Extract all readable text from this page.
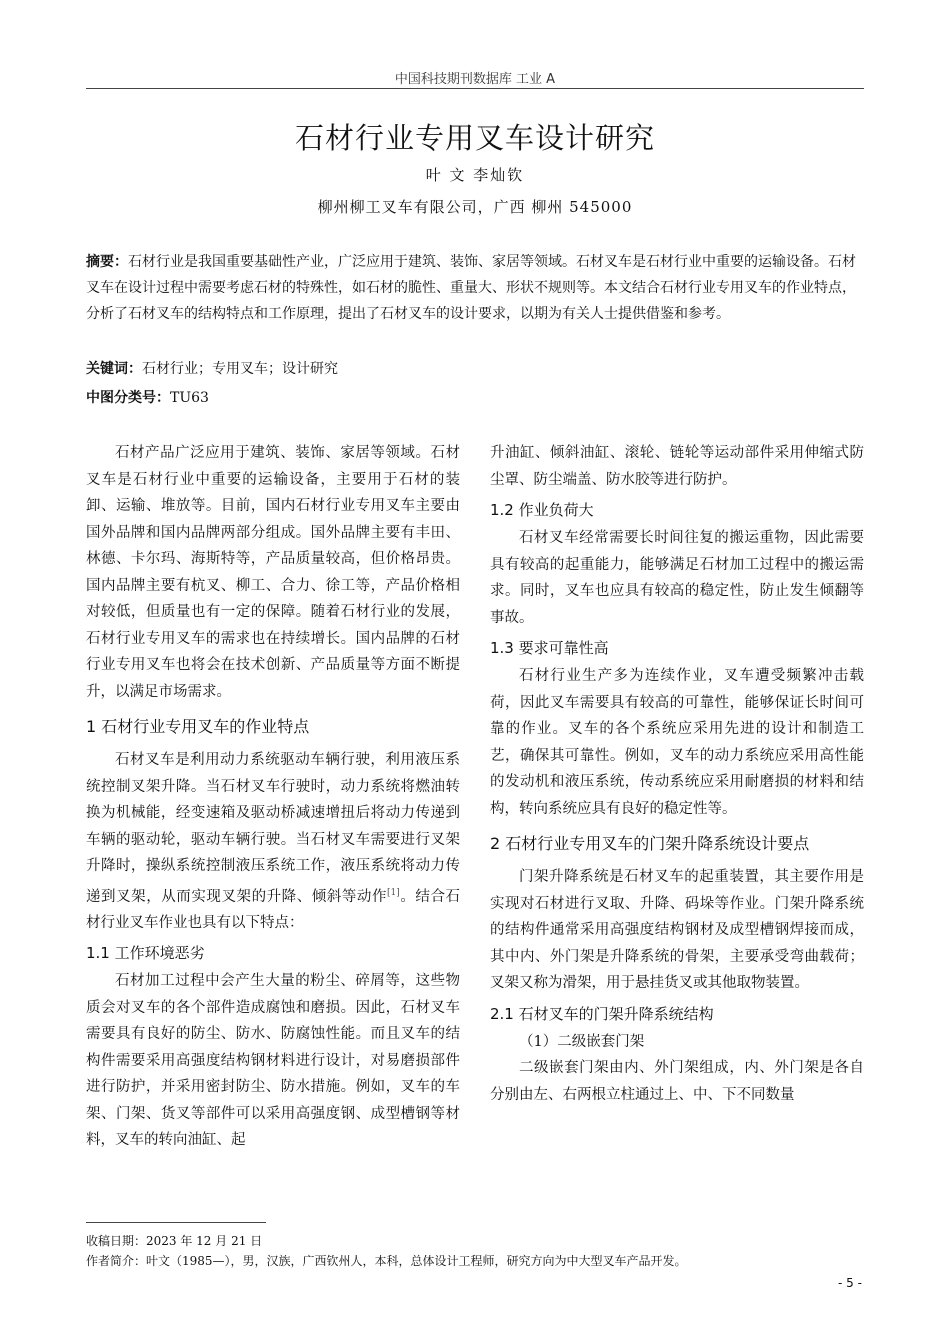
中国科技期刊数据库 工业 A
石材行业专用叉车设计研究
叶 文 李灿钦
柳州柳工叉车有限公司，广西 柳州 545000
摘要：石材行业是我国重要基础性产业，广泛应用于建筑、装饰、家居等领域。石材叉车是石材行业中重要的运输设备。石材叉车在设计过程中需要考虑石材的特殊性，如石材的脆性、重量大、形状不规则等。本文结合石材行业专用叉车的作业特点，分析了石材叉车的结构特点和工作原理，提出了石材叉车的设计要求，以期为有关人士提供借鉴和参考。
关键词：石材行业；专用叉车；设计研究
中图分类号：TU63

石材产品广泛应用于建筑、装饰、家居等领域。石材叉车是石材行业中重要的运输设备，主要用于石材的装卸、运输、堆放等。目前，国内石材行业专用叉车主要由国外品牌和国内品牌两部分组成。国外品牌主要有丰田、林德、卡尔玛、海斯特等，产品质量较高，但价格昂贵。国内品牌主要有杭叉、柳工、合力、徐工等，产品价格相对较低，但质量也有一定的保障。随着石材行业的发展，石材行业专用叉车的需求也在持续增长。国内品牌的石材行业专用叉车也将会在技术创新、产品质量等方面不断提升，以满足市场需求。

1 石材行业专用叉车的作业特点

石材叉车是利用动力系统驱动车辆行驶，利用液压系统控制叉架升降。当石材叉车行驶时，动力系统将燃油转换为机械能，经变速箱及驱动桥减速增扭后将动力传递到车辆的驱动轮，驱动车辆行驶。当石材叉车需要进行叉架升降时，操纵系统控制液压系统工作，液压系统将动力传递到叉架，从而实现叉架的升降、倾斜等动作[1]。结合石材行业叉车作业也具有以下特点：

1.1 工作环境恶劣

石材加工过程中会产生大量的粉尘、碎屑等，这些物质会对叉车的各个部件造成腐蚀和磨损。因此，石材叉车需要具有良好的防尘、防水、防腐蚀性能。而且叉车的结构件需要采用高强度结构钢材料进行设计，对易磨损部件进行防护，并采用密封防尘、防水措施。例如，叉车的车架、门架、货叉等部件可以采用高强度钢、成型槽钢等材料，叉车的转向油缸、起

升油缸、倾斜油缸、滚轮、链轮等运动部件采用伸缩式防尘罩、防尘端盖、防水胶等进行防护。

1.2 作业负荷大

石材叉车经常需要长时间往复的搬运重物，因此需要具有较高的起重能力，能够满足石材加工过程中的搬运需求。同时，叉车也应具有较高的稳定性，防止发生倾翻等事故。

1.3 要求可靠性高

石材行业生产多为连续作业，叉车遭受频繁冲击载荷，因此叉车需要具有较高的可靠性，能够保证长时间可靠的作业。叉车的各个系统应采用先进的设计和制造工艺，确保其可靠性。例如，叉车的动力系统应采用高性能的发动机和液压系统，传动系统应采用耐磨损的材料和结构，转向系统应具有良好的稳定性等。

2 石材行业专用叉车的门架升降系统设计要点

门架升降系统是石材叉车的起重装置，其主要作用是实现对石材进行叉取、升降、码垛等作业。门架升降系统的结构件通常采用高强度结构钢材及成型槽钢焊接而成，其中内、外门架是升降系统的骨架，主要承受弯曲载荷；叉架又称为滑架，用于悬挂货叉或其他取物装置。

2.1 石材叉车的门架升降系统结构

（1）二级嵌套门架

二级嵌套门架由内、外门架组成，内、外门架是各自分别由左、右两根立柱通过上、中、下不同数量

收稿日期：2023 年 12 月 21 日
作者简介：叶文（1985—），男，汉族，广西钦州人，本科，总体设计工程师，研究方向为中大型叉车产品开发。
- 5 -
